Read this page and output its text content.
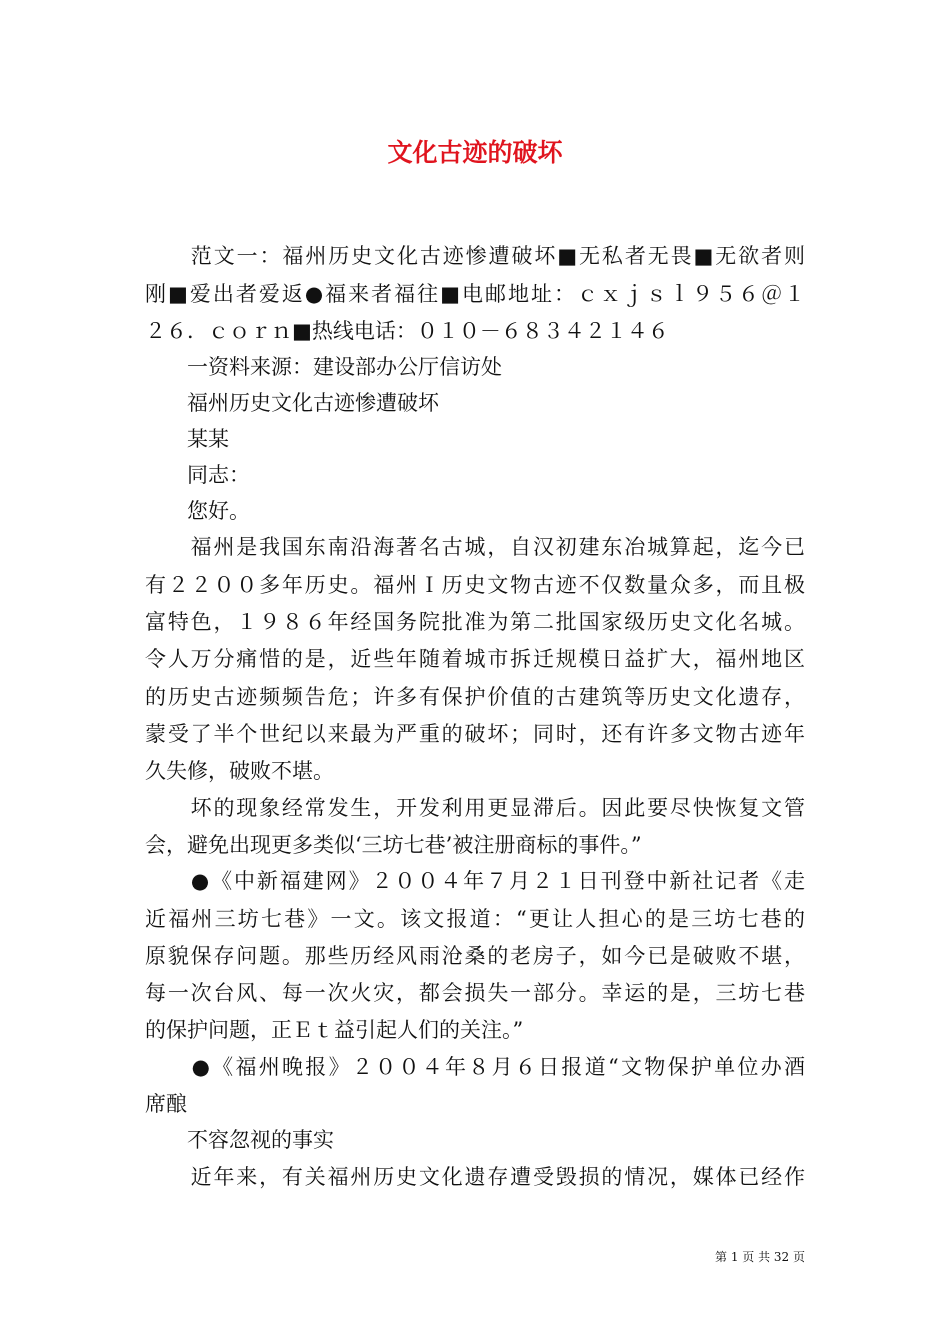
文化古迹的破坏
　　范文一：福州历史文化古迹惨遭破坏■无私者无畏■无欲者则
刚■爱出者爱返●福来者福往■电邮地址：ｃｘｊｓｌ９５６＠１
２６．ｃｏｒｎ■热线电话：０１０－６８３４２１４６
　　一资料来源：建设部办公厅信访处
　　福州历史文化古迹惨遭破坏
　　某某
　　同志：
　　您好。
　　福州是我国东南沿海著名古城，自汉初建东冶城算起，迄今已
有２２００多年历史。福州Ｉ历史文物古迹不仅数量众多，而且极
富特色，１９８６年经国务院批准为第二批国家级历史文化名城。
令人万分痛惜的是，近些年随着城市拆迁规模日益扩大，福州地区
的历史古迹频频告危；许多有保护价值的古建筑等历史文化遗存，
蒙受了半个世纪以来最为严重的破坏；同时，还有许多文物古迹年
久失修，破败不堪。
　　坏的现象经常发生，开发利用更显滞后。因此要尽快恢复文管
会，避免出现更多类似‘三坊七巷’被注册商标的事件。”
　　●《中新福建网》２００４年７月２１日刊登中新社记者《走
近福州三坊七巷》一文。该文报道：“更让人担心的是三坊七巷的
原貌保存问题。那些历经风雨沧桑的老房子，如今已是破败不堪，
每一次台风、每一次火灾，都会损失一部分。幸运的是，三坊七巷
的保护问题，正Ｅｔ益引起人们的关注。”
　　●《福州晚报》２００４年８月６日报道“文物保护单位办酒
席酿
　　不容忽视的事实
　　近年来，有关福州历史文化遗存遭受毁损的情况，媒体已经作
第 1 页 共 32 页
